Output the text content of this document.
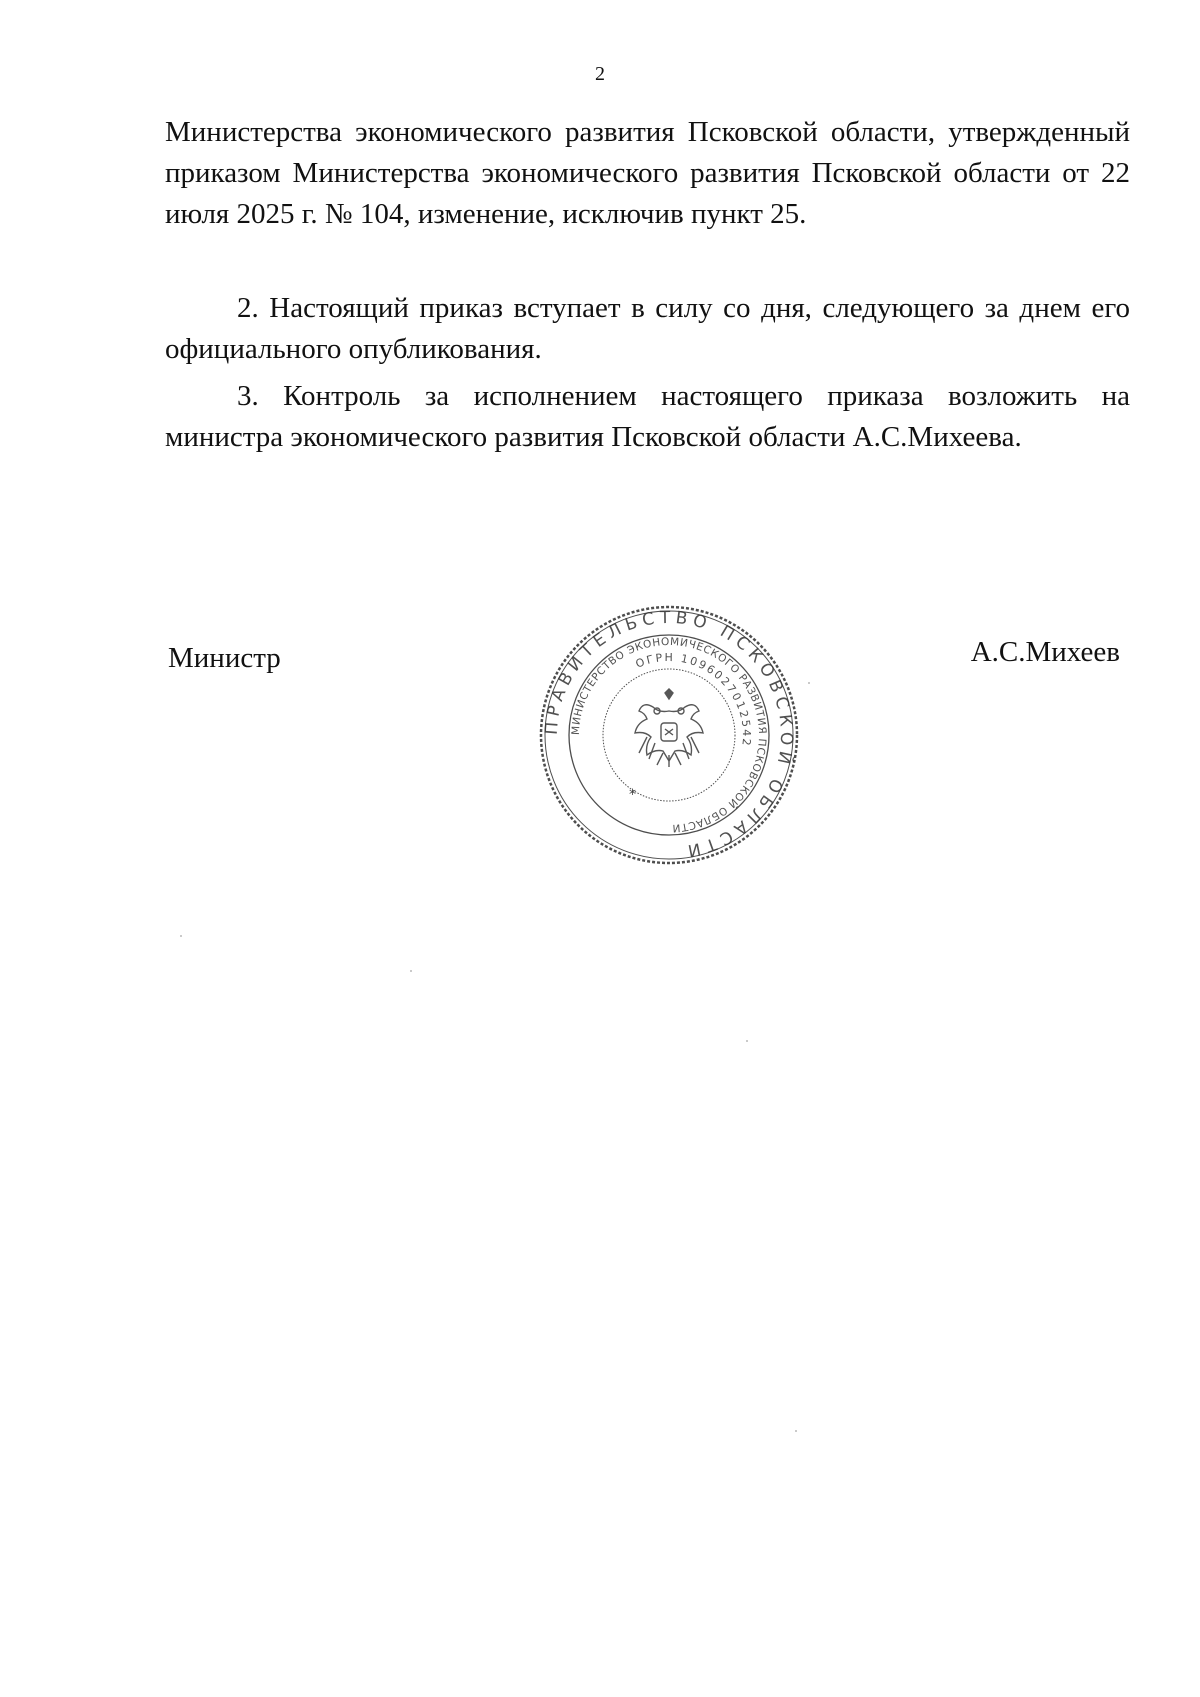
2
Министерства экономического развития Псковской области, утвержденный приказом Министерства экономического развития Псковской области от 22 июля 2025 г. № 104, изменение, исключив пункт 25.
2. Настоящий приказ вступает в силу со дня, следующего за днем его официального опубликования.
3. Контроль за исполнением настоящего приказа возложить на министра экономического развития Псковской области А.С.Михеева.
Министр	А.С.Михеев
ПРАВИТЕЛЬСТВО ПСКОВСКОЙ ОБЛАСТИ
МИНИСТЕРСТВО ЭКОНОМИЧЕСКОГО РАЗВИТИЯ ПСКОВСКОЙ ОБЛАСТИ
ОГРН 1096027012542
*
